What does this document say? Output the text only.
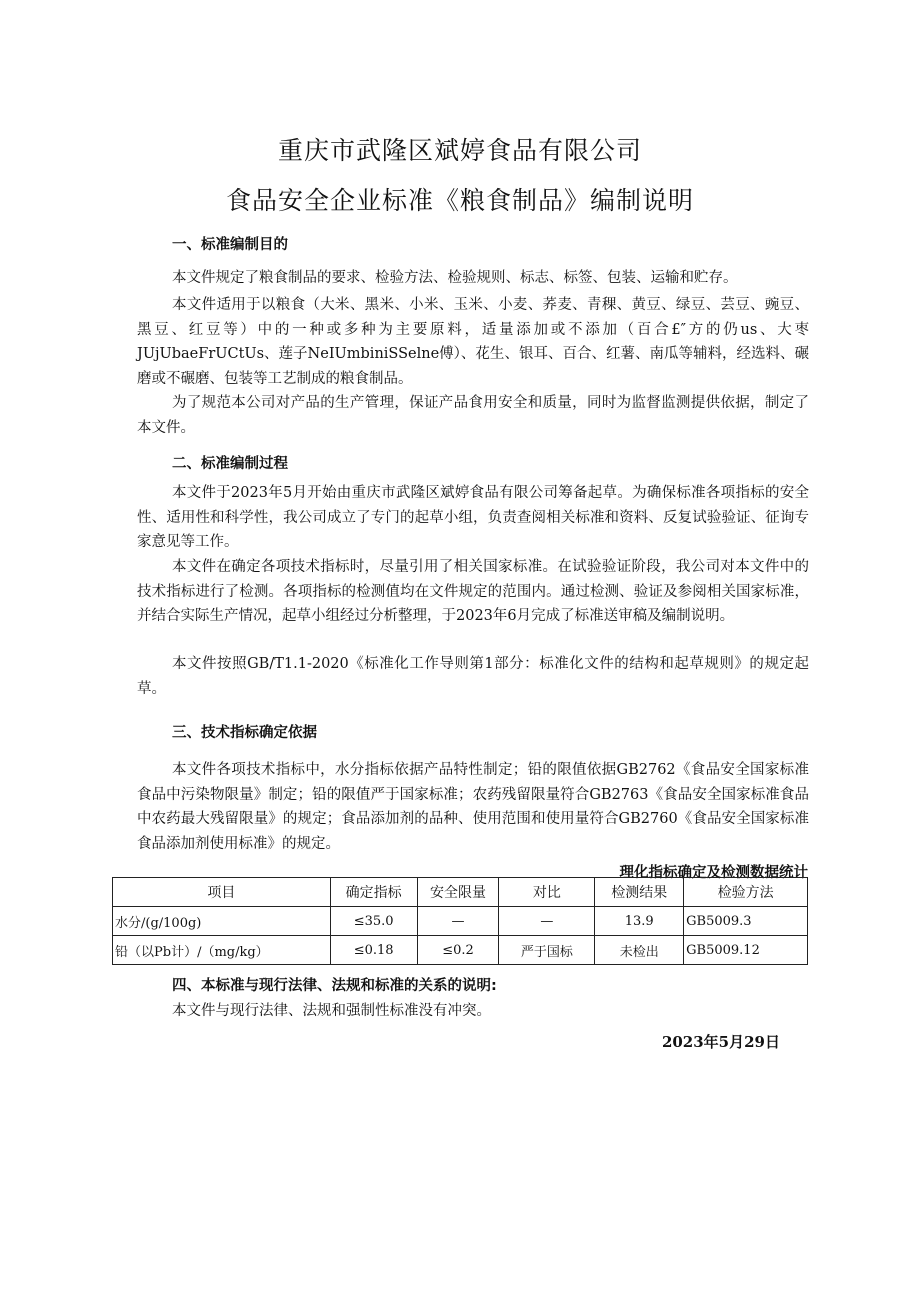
重庆市武隆区斌婷食品有限公司
食品安全企业标准《粮食制品》编制说明
一、标准编制目的

本文件规定了粮食制品的要求、检验方法、检验规则、标志、标签、包装、运输和贮存。

本文件适用于以粮食（大米、黑米、小米、玉米、小麦、荞麦、青稞、黄豆、绿豆、芸豆、豌豆、黑豆、红豆等）中的一种或多种为主要原料，适量添加或不添加（百合£″方的仍us、大枣JUjUbaeFrUCtUs、莲子NeIUmbiniSSelne傅）、花生、银耳、百合、红薯、南瓜等辅料，经选料、碾磨或不碾磨、包装等工艺制成的粮食制品。

为了规范本公司对产品的生产管理，保证产品食用安全和质量，同时为监督监测提供依据，制定了本文件。

二、标准编制过程

本文件于2023年5月开始由重庆市武隆区斌婷食品有限公司筹备起草。为确保标准各项指标的安全性、适用性和科学性，我公司成立了专门的起草小组，负责查阅相关标准和资料、反复试验验证、征询专家意见等工作。

本文件在确定各项技术指标时，尽量引用了相关国家标准。在试验验证阶段，我公司对本文件中的技术指标进行了检测。各项指标的检测值均在文件规定的范围内。通过检测、验证及参阅相关国家标准，并结合实际生产情况，起草小组经过分析整理，于2023年6月完成了标准送审稿及编制说明。

本文件按照GB/T1.1-2020《标准化工作导则第1部分：标准化文件的结构和起草规则》的规定起草。

三、技术指标确定依据

本文件各项技术指标中，水分指标依据产品特性制定；铅的限值依据GB2762《食品安全国家标准食品中污染物限量》制定；铅的限值严于国家标准；农药残留限量符合GB2763《食品安全国家标准食品中农药最大残留限量》的规定；食品添加剂的品种、使用范围和使用量符合GB2760《食品安全国家标准食品添加剂使用标准》的规定。

理化指标确定及检测数据统计
项目	确定指标	安全限量	对比	检测结果	检验方法
水分/(g/100g)	≤35.0	—	—	13.9	GB5009.3
铅（以Pb计）/（mg/kg）	≤0.18	≤0.2	严于国标	未检出	GB5009.12
四、本标准与现行法律、法规和标准的关系的说明:

本文件与现行法律、法规和强制性标准没有冲突。

2023年5月29日
